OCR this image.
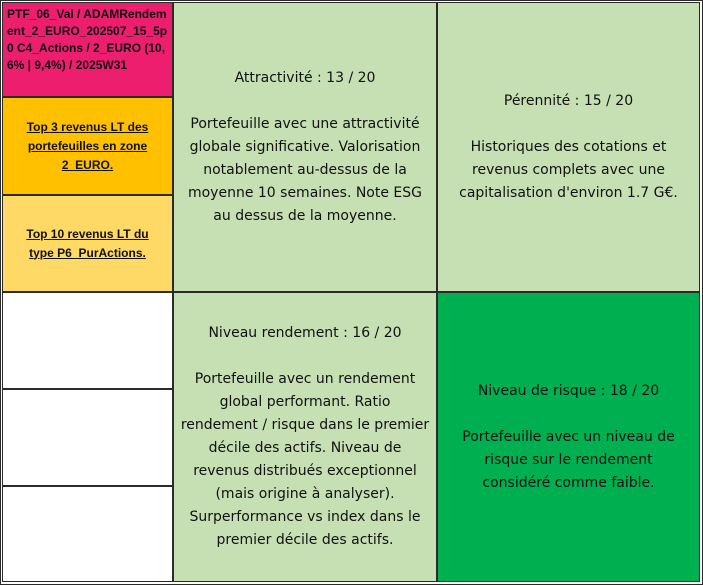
PTF_06_Val / ADAMRendement_2_EURO_202507_15_5p0 C4_Actions / 2_EURO (10,6% | 9,4%) / 2025W31
Top 3 revenus LT des portefeuilles en zone 2_EURO.
Top 10 revenus LT du type P6_PurActions.
Attractivité : 13 / 20
Portefeuille avec une attractivité globale significative. Valorisation notablement au-dessus de la moyenne 10 semaines. Note ESG au dessus de la moyenne.
Pérennité : 15 / 20
Historiques des cotations et revenus complets avec une capitalisation d'environ 1.7 G€.
Niveau rendement : 16 / 20
Portefeuille avec un rendement global performant. Ratio rendement / risque dans le premier décile des actifs. Niveau de revenus distribués exceptionnel (mais origine à analyser). Surperformance vs index dans le premier décile des actifs.
Niveau de risque : 18 / 20
Portefeuille avec un niveau de risque sur le rendement considéré comme faible.
